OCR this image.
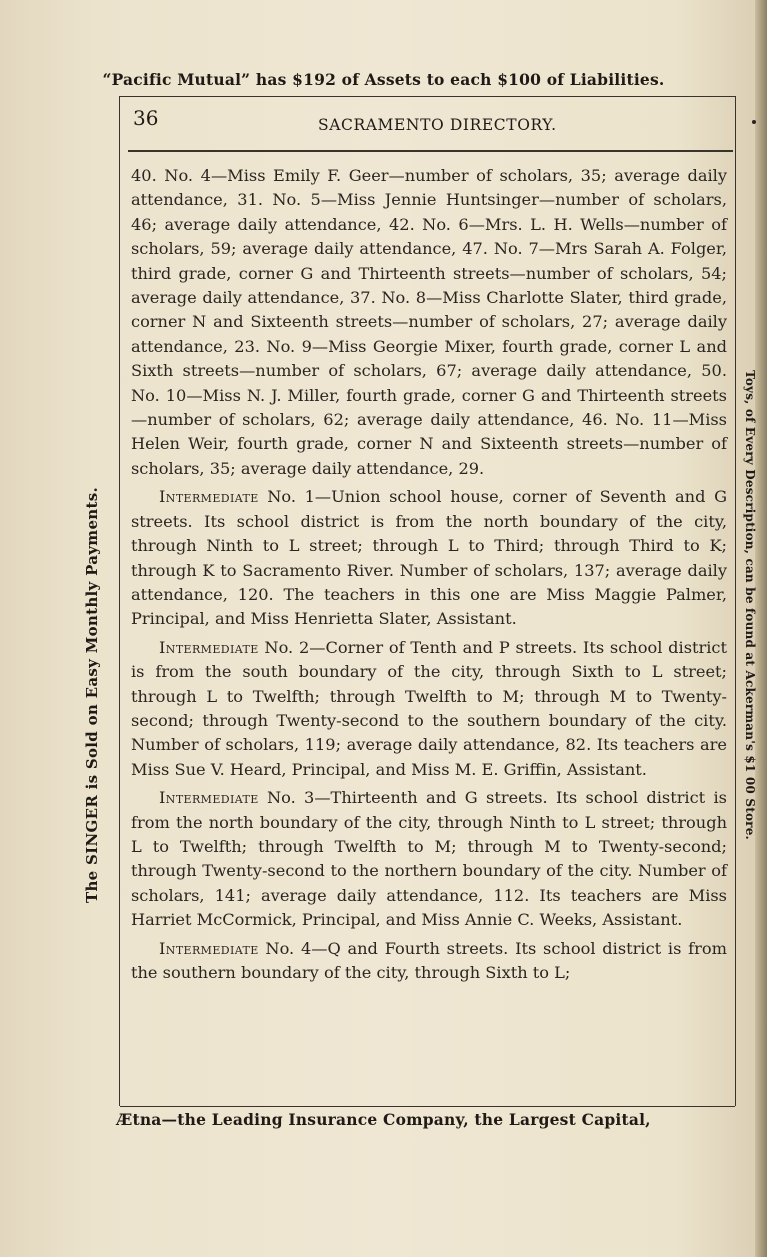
“Pacific Mutual” has $192 of Assets to each $100 of Liabilities.
The SINGER is Sold on Easy Monthly Payments.	Toys, of Every Description, can be found at Ackerman's $1 00 Store.
36	SACRAMENTO DIRECTORY.

40. No. 4—Miss Emily F. Geer—number of scholars, 35; average daily attendance, 31. No. 5—Miss Jennie Huntsinger—number of scholars, 46; average daily attendance, 42. No. 6—Mrs. L. H. Wells—number of scholars, 59; average daily attendance, 47. No. 7—Mrs Sarah A. Folger, third grade, corner G and Thirteenth streets—number of scholars, 54; average daily attendance, 37. No. 8—Miss Charlotte Slater, third grade, corner N and Sixteenth streets—number of scholars, 27; average daily attendance, 23. No. 9—Miss Georgie Mixer, fourth grade, corner L and Sixth streets—number of scholars, 67; average daily attendance, 50. No. 10—Miss N. J. Miller, fourth grade, corner G and Thirteenth streets—number of scholars, 62; average daily attendance, 46. No. 11—Miss Helen Weir, fourth grade, corner N and Sixteenth streets—number of scholars, 35; average daily attendance, 29.

Intermediate No. 1—Union school house, corner of Seventh and G streets. Its school district is from the north boundary of the city, through Ninth to L street; through L to Third; through Third to K; through K to Sacramento River. Number of scholars, 137; average daily attendance, 120. The teachers in this one are Miss Maggie Palmer, Principal, and Miss Henrietta Slater, Assistant.

Intermediate No. 2—Corner of Tenth and P streets. Its school district is from the south boundary of the city, through Sixth to L street; through L to Twelfth; through Twelfth to M; through M to Twenty-second; through Twenty-second to the southern boundary of the city. Number of scholars, 119; average daily attendance, 82. Its teachers are Miss Sue V. Heard, Principal, and Miss M. E. Griffin, Assistant.

Intermediate No. 3—Thirteenth and G streets. Its school district is from the north boundary of the city, through Ninth to L street; through L to Twelfth; through Twelfth to M; through M to Twenty-second; through Twenty-second to the northern boundary of the city. Number of scholars, 141; average daily attendance, 112. Its teachers are Miss Harriet McCormick, Principal, and Miss Annie C. Weeks, Assistant.

Intermediate No. 4—Q and Fourth streets. Its school district is from the southern boundary of the city, through Sixth to L;

Ætna—the Leading Insurance Company, the Largest Capital,
